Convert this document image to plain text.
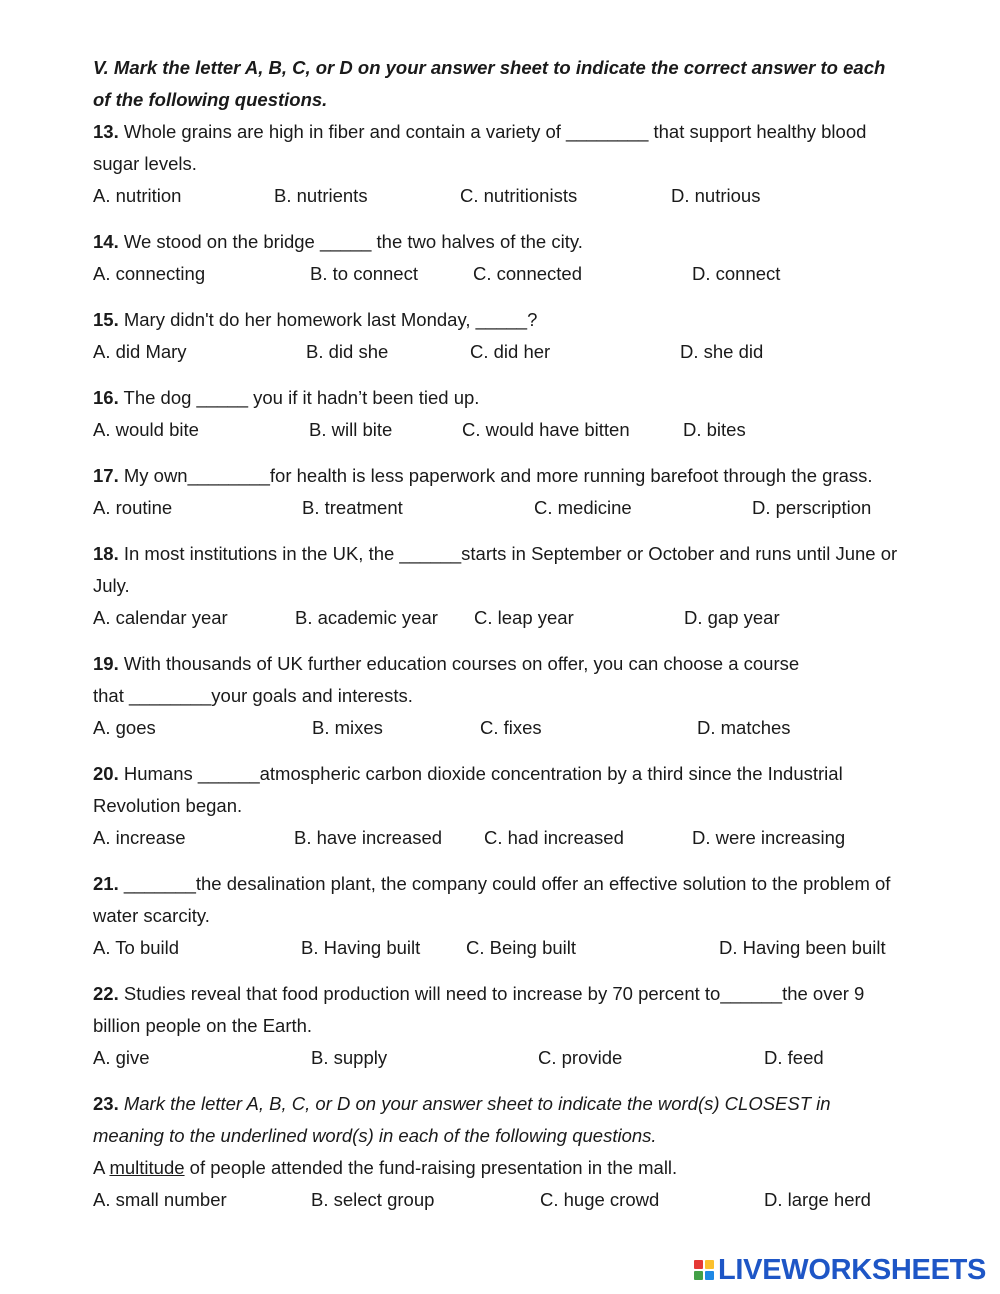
V. Mark the letter A, B, C, or D on your answer sheet to indicate the correct answer to each
of the following questions.
13. Whole grains are high in fiber and contain a variety of ________ that support healthy blood
sugar levels.
A. nutrition	B. nutrients	C. nutritionists	D. nutrious
14. We stood on the bridge _____ the two halves of the city.
A. connecting	B. to connect	C. connected	D. connect
15. Mary didn't do her homework last Monday, _____?
A. did Mary	B. did she	C. did her	D. she did
16. The dog _____ you if it hadn’t been tied up.
A. would bite	B. will bite	C. would have bitten	D. bites
17. My own________for health is less paperwork and more running barefoot through the grass.
A. routine	B. treatment	C. medicine	D. perscription
18. In most institutions in the UK, the ______starts in September or October and runs until June or
July.
A. calendar year	B. academic year C. leap year	D. gap year
19. With thousands of UK further education courses on offer, you can choose a course
that ________your goals and interests.
A. goes	B. mixes	C. fixes	D. matches
20. Humans ______atmospheric carbon dioxide concentration by a third since the Industrial
Revolution began.
A. increase	B. have increased C. had increased	D. were increasing
21. _______the desalination plant, the company could offer an effective solution to the problem of
water scarcity.
A. To build	B. Having built C. Being built	D. Having been built
22. Studies reveal that food production will need to increase by 70 percent to______the over 9
billion people on the Earth.
A. give	B. supply	C. provide	D. feed
23. Mark the letter A, B, C, or D on your answer sheet to indicate the word(s) CLOSEST in
meaning to the underlined word(s) in each of the following questions.
A multitude of people attended the fund-raising presentation in the mall.
A. small number	B. select group	C. huge crowd	D. large herd
LIVEWORKSHEETS
